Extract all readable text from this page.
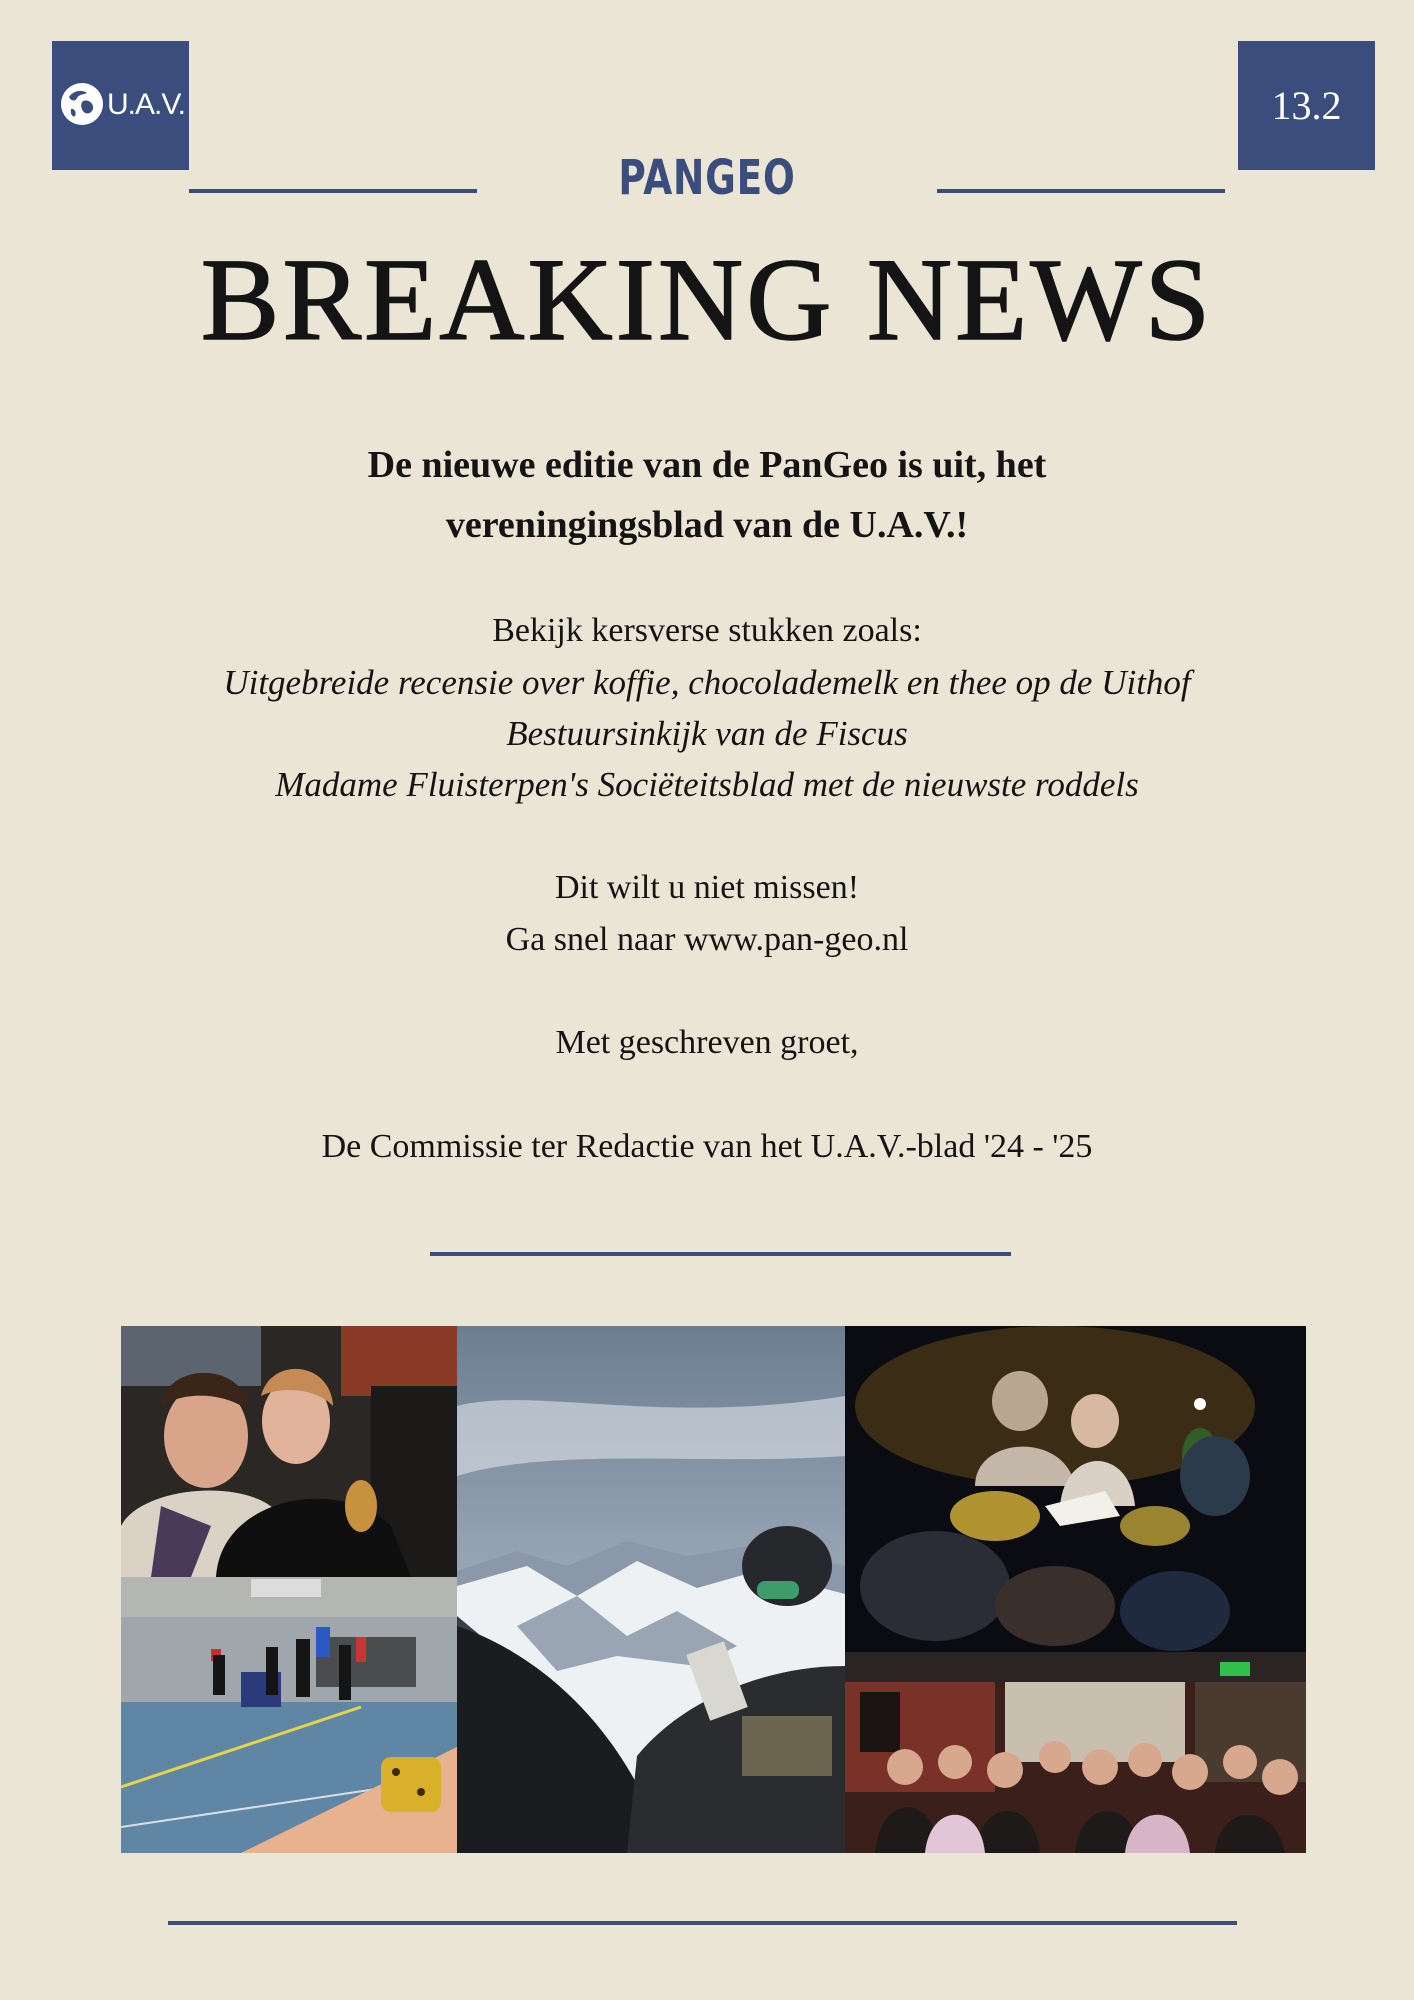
U.A.V.	13.2
PANGEO
BREAKING NEWS
De nieuwe editie van de PanGeo is uit, het vereningingsblad van de U.A.V.!
Bekijk kersverse stukken zoals:
Uitgebreide recensie over koffie, chocolademelk en thee op de Uithof
Bestuursinkijk van de Fiscus
Madame Fluisterpen's Sociëteitsblad met de nieuwste roddels
Dit wilt u niet missen!
Ga snel naar www.pan-geo.nl
Met geschreven groet,
De Commissie ter Redactie van het U.A.V.-blad '24 - '25
